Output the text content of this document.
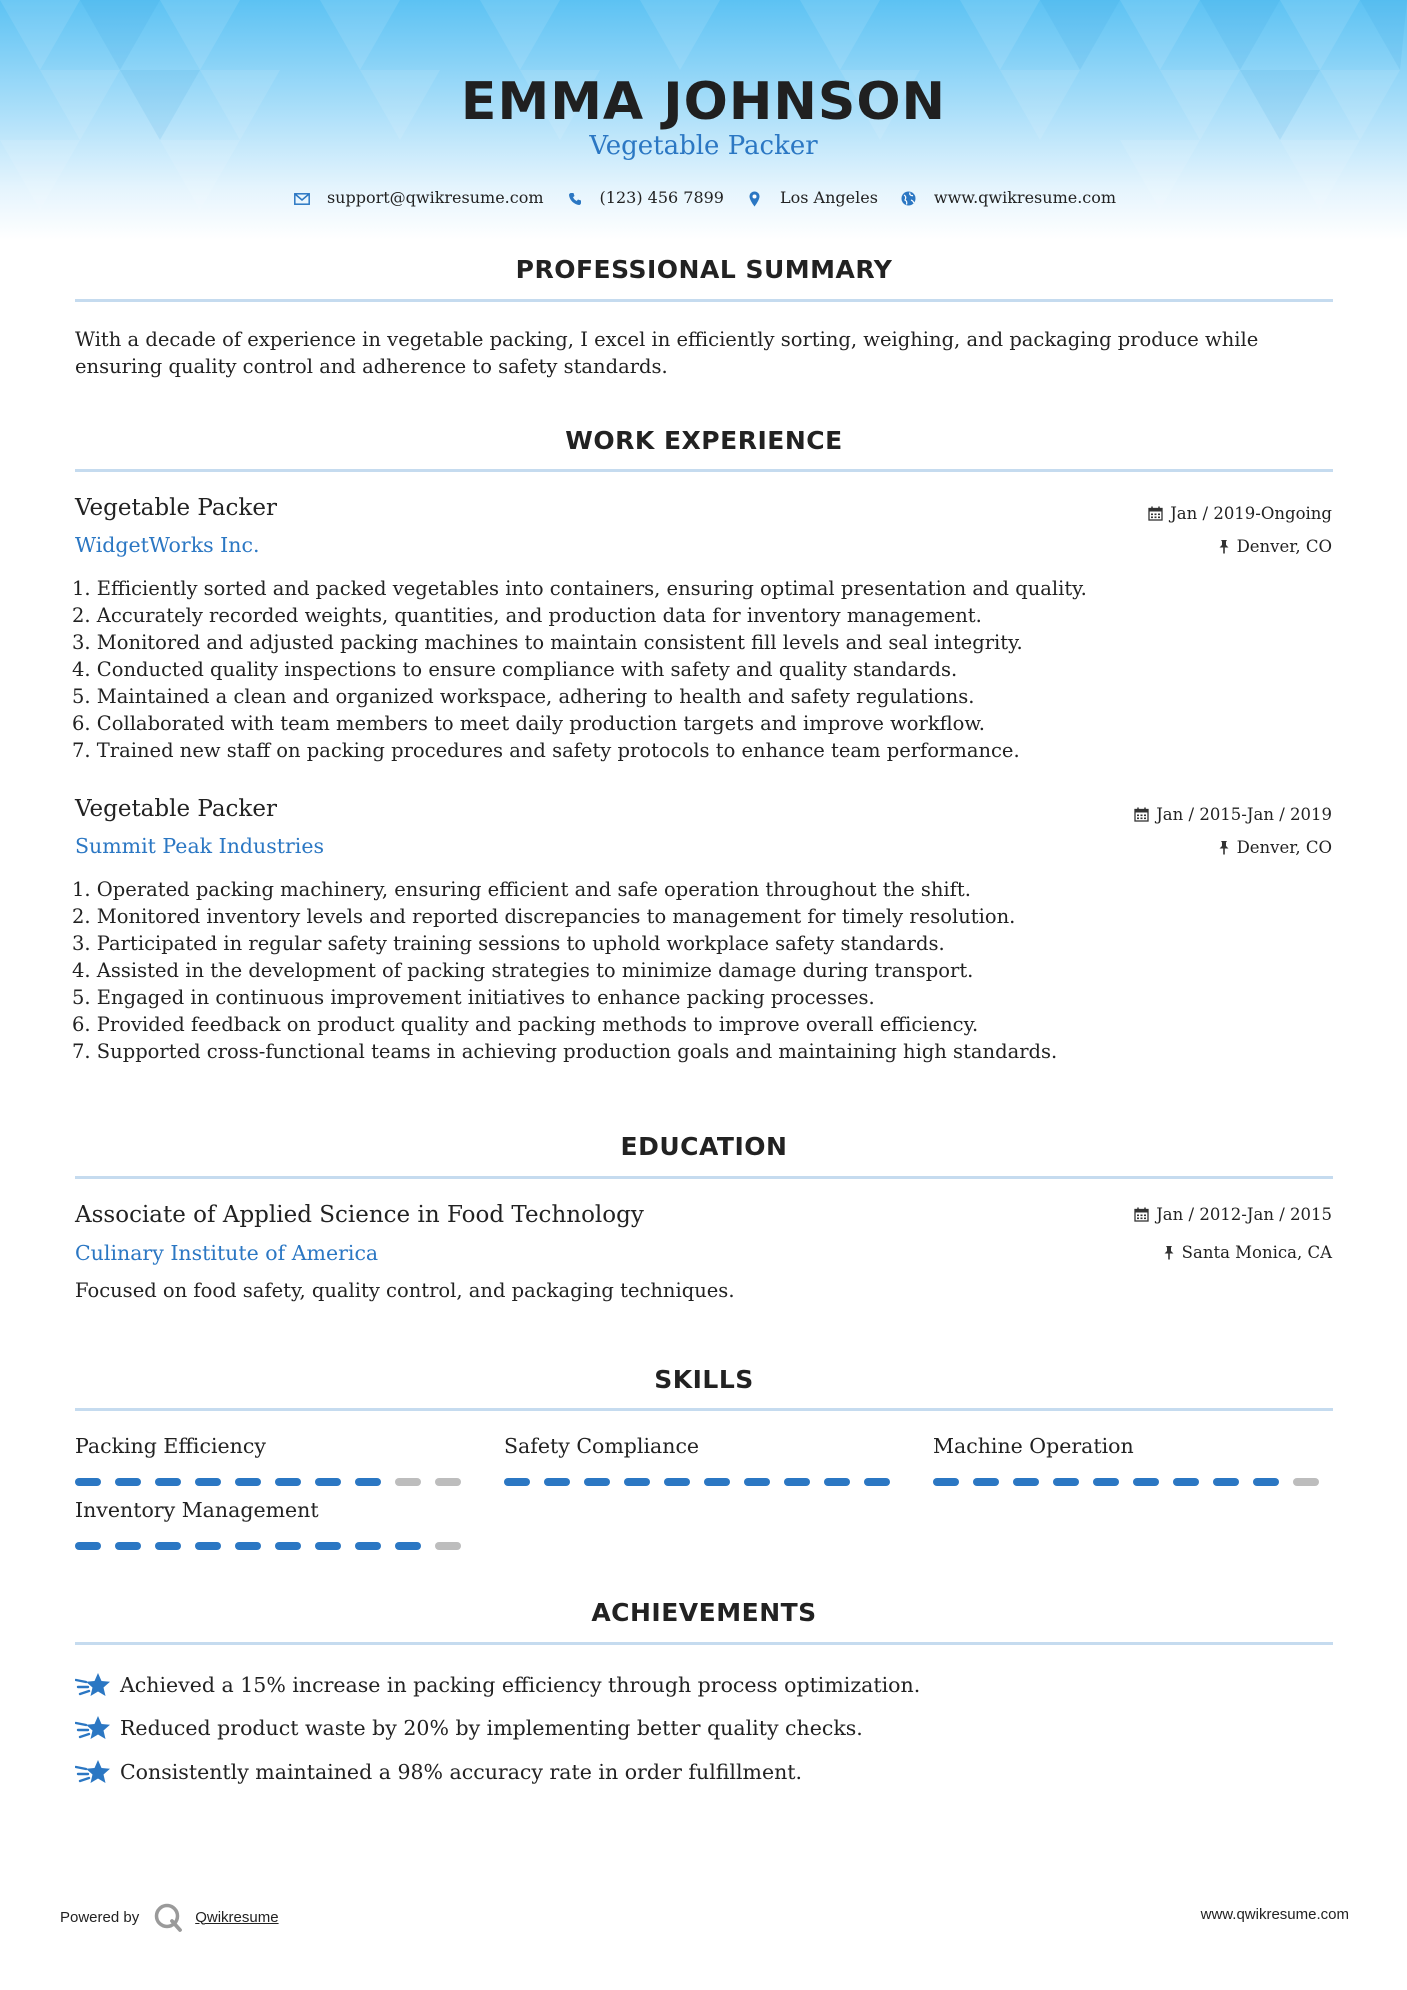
EMMA JOHNSON
Vegetable Packer
support@qwikresume.com	(123) 456 7899	Los Angeles	www.qwikresume.com
PROFESSIONAL SUMMARY
With a decade of experience in vegetable packing, I excel in efficiently sorting, weighing, and packaging produce while ensuring quality control and adherence to safety standards.
WORK EXPERIENCE
Vegetable Packer	Jan / 2019-Ongoing
WidgetWorks Inc.	Denver, CO
1. Efficiently sorted and packed vegetables into containers, ensuring optimal presentation and quality.
2. Accurately recorded weights, quantities, and production data for inventory management.
3. Monitored and adjusted packing machines to maintain consistent fill levels and seal integrity.
4. Conducted quality inspections to ensure compliance with safety and quality standards.
5. Maintained a clean and organized workspace, adhering to health and safety regulations.
6. Collaborated with team members to meet daily production targets and improve workflow.
7. Trained new staff on packing procedures and safety protocols to enhance team performance.
Vegetable Packer	Jan / 2015-Jan / 2019
Summit Peak Industries	Denver, CO
1. Operated packing machinery, ensuring efficient and safe operation throughout the shift.
2. Monitored inventory levels and reported discrepancies to management for timely resolution.
3. Participated in regular safety training sessions to uphold workplace safety standards.
4. Assisted in the development of packing strategies to minimize damage during transport.
5. Engaged in continuous improvement initiatives to enhance packing processes.
6. Provided feedback on product quality and packing methods to improve overall efficiency.
7. Supported cross-functional teams in achieving production goals and maintaining high standards.
EDUCATION
Associate of Applied Science in Food Technology	Jan / 2012-Jan / 2015
Culinary Institute of America	Santa Monica, CA
Focused on food safety, quality control, and packaging techniques.
SKILLS
Packing Efficiency	Safety Compliance	Machine Operation
Inventory Management
ACHIEVEMENTS
Achieved a 15% increase in packing efficiency through process optimization.
Reduced product waste by 20% by implementing better quality checks.
Consistently maintained a 98% accuracy rate in order fulfillment.
Powered by	Qwikresume	www.qwikresume.com
